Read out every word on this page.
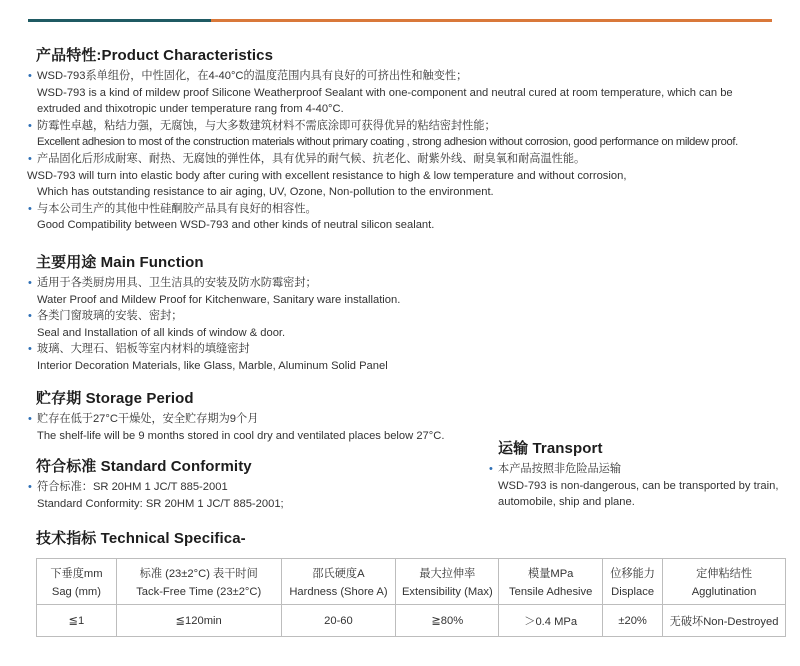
产品特性:Product Characteristics
• WSD-793系单组份，中性固化，在4-40°C的温度范围内具有良好的可挤出性和触变性；
WSD-793 is a kind of mildew proof Silicone Weatherproof Sealant with one-component and neutral cured at room temperature, which can be extruded and thixotropic under temperature rang from 4-40°C.
• 防霉性卓越，粘结力强，无腐蚀，与大多数建筑材料不需底涂即可获得优异的粘结密封性能；
Excellent adhesion to most of the construction materials without primary coating , strong adhesion without corrosion, good performance on mildew proof.
• 产品固化后形成耐寒、耐热、无腐蚀的弹性体，具有优异的耐气候、抗老化、耐紫外线、耐臭氧和耐高温性能。
WSD-793 will turn into elastic body after curing with excellent resistance to high & low temperature and without corrosion,
Which has outstanding resistance to air aging, UV, Ozone, Non-pollution to the environment.
• 与本公司生产的其他中性硅酮胶产品具有良好的相容性。
Good Compatibility between WSD-793 and other kinds of neutral silicon sealant.
主要用途 Main Function
• 适用于各类厨房用具、卫生洁具的安装及防水防霉密封；
Water Proof and Mildew Proof for Kitchenware, Sanitary ware installation.
• 各类门窗玻璃的安装、密封；
Seal and Installation of all kinds of window & door.
• 玻璃、大理石、铝板等室内材料的填缝密封
Interior Decoration Materials, like Glass, Marble, Aluminum Solid Panel
贮存期 Storage Period
• 贮存在低于27°C干燥处，安全贮存期为9个月
The shelf-life will be 9 months stored in cool dry and ventilated places below 27°C.
符合标准 Standard Conformity
• 符合标准：SR 20HM 1 JC/T 885-2001
Standard Conformity: SR 20HM 1 JC/T 885-2001;
运输 Transport
• 本产品按照非危险品运输
WSD-793 is non-dangerous, can be transported by train,
automobile, ship and plane.
技术指标 Technical Specifica-
下垂度mm	标准 (23±2°C) 表干时间	邵氏硬度A	最大拉伸率	模量MPa	位移能力	定伸粘结性
Sag (mm)	Tack-Free Time (23±2°C)	Hardness (Shore A)	Extensibility (Max)	Tensile Adhesive	Displace	Agglutination
≦1	≦120min	20-60	≧80%	＞0.4 MPa	±20%	无破坏Non-Destroyed
